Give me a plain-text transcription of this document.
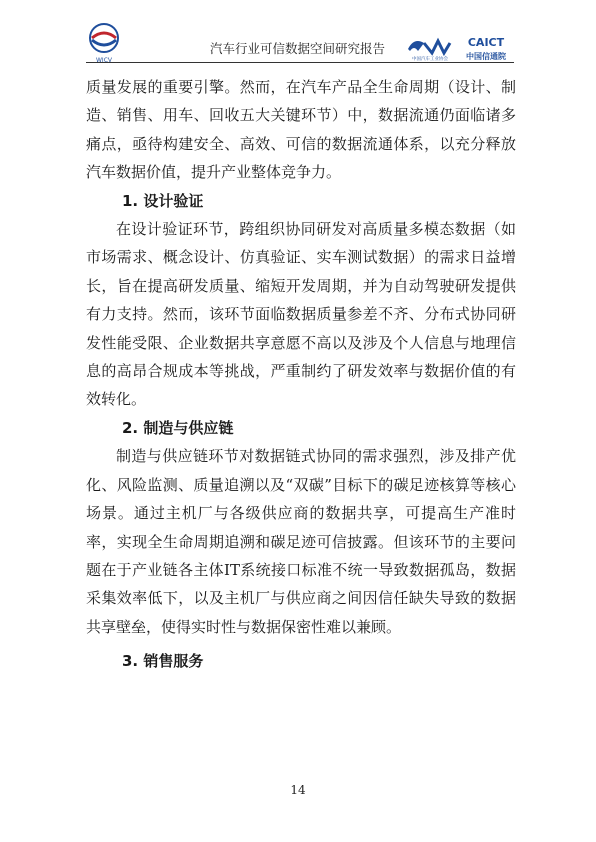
WICV
汽车行业可信数据空间研究报告
中国汽车工业协会
CAICT
中国信通院

质量发展的重要引擎。然而，在汽车产品全生命周期（设计、制造、销售、用车、回收五大关键环节）中，数据流通仍面临诸多痛点，亟待构建安全、高效、可信的数据流通体系，以充分释放汽车数据价值，提升产业整体竞争力。

1. 设计验证

在设计验证环节，跨组织协同研发对高质量多模态数据（如市场需求、概念设计、仿真验证、实车测试数据）的需求日益增长，旨在提高研发质量、缩短开发周期，并为自动驾驶研发提供有力支持。然而，该环节面临数据质量参差不齐、分布式协同研发性能受限、企业数据共享意愿不高以及涉及个人信息与地理信息的高昂合规成本等挑战，严重制约了研发效率与数据价值的有效转化。

2. 制造与供应链

制造与供应链环节对数据链式协同的需求强烈，涉及排产优化、风险监测、质量追溯以及“双碳”目标下的碳足迹核算等核心场景。通过主机厂与各级供应商的数据共享，可提高生产准时率，实现全生命周期追溯和碳足迹可信披露。但该环节的主要问题在于产业链各主体IT系统接口标准不统一导致数据孤岛，数据采集效率低下，以及主机厂与供应商之间因信任缺失导致的数据共享壁垒，使得实时性与数据保密性难以兼顾。

3. 销售服务

14
